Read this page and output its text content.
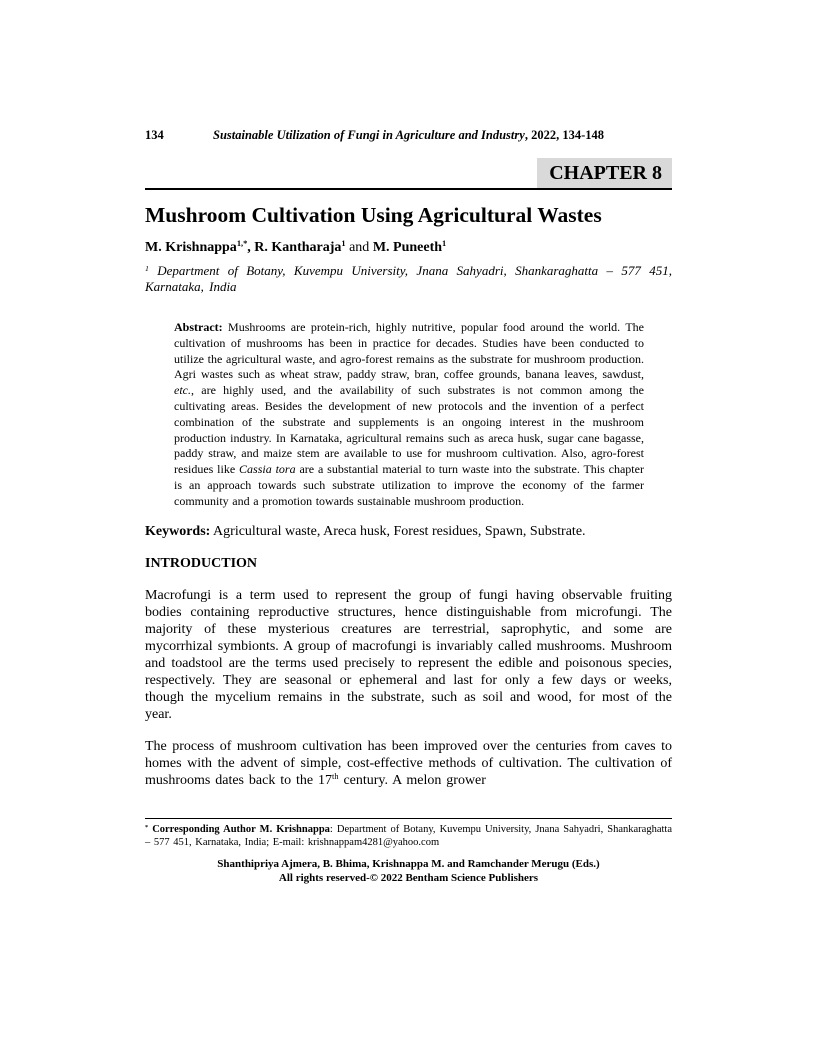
134	Sustainable Utilization of Fungi in Agriculture and Industry, 2022, 134-148
CHAPTER 8
Mushroom Cultivation Using Agricultural Wastes
M. Krishnappa$^{1,*}$, R. Kantharaja$^1$ and M. Puneeth$^1$
$^1$ Department of Botany, Kuvempu University, Jnana Sahyadri, Shankaraghatta – 577 451, Karnataka, India
Abstract: Mushrooms are protein-rich, highly nutritive, popular food around the world. The cultivation of mushrooms has been in practice for decades. Studies have been conducted to utilize the agricultural waste, and agro-forest remains as the substrate for mushroom production. Agri wastes such as wheat straw, paddy straw, bran, coffee grounds, banana leaves, sawdust, etc., are highly used, and the availability of such substrates is not common among the cultivating areas. Besides the development of new protocols and the invention of a perfect combination of the substrate and supplements is an ongoing interest in the mushroom production industry. In Karnataka, agricultural remains such as areca husk, sugar cane bagasse, paddy straw, and maize stem are available to use for mushroom cultivation. Also, agro-forest residues like Cassia tora are a substantial material to turn waste into the substrate. This chapter is an approach towards such substrate utilization to improve the economy of the farmer community and a promotion towards sustainable mushroom production.
Keywords: Agricultural waste, Areca husk, Forest residues, Spawn, Substrate.
INTRODUCTION

Macrofungi is a term used to represent the group of fungi having observable fruiting bodies containing reproductive structures, hence distinguishable from microfungi. The majority of these mysterious creatures are terrestrial, saprophytic, and some are mycorrhizal symbionts. A group of macrofungi is invariably called mushrooms. Mushroom and toadstool are the terms used precisely to represent the edible and poisonous species, respectively. They are seasonal or ephemeral and last for only a few days or weeks, though the mycelium remains in the substrate, such as soil and wood, for most of the year.

The process of mushroom cultivation has been improved over the centuries from caves to homes with the advent of simple, cost-effective methods of cultivation. The cultivation of mushrooms dates back to the 17th century. A melon grower

* Corresponding Author M. Krishnappa: Department of Botany, Kuvempu University, Jnana Sahyadri, Shankaraghatta – 577 451, Karnataka, India; E-mail: krishnappam4281@yahoo.com
Shanthipriya Ajmera, B. Bhima, Krishnappa M. and Ramchander Merugu (Eds.)
All rights reserved-© 2022 Bentham Science Publishers
